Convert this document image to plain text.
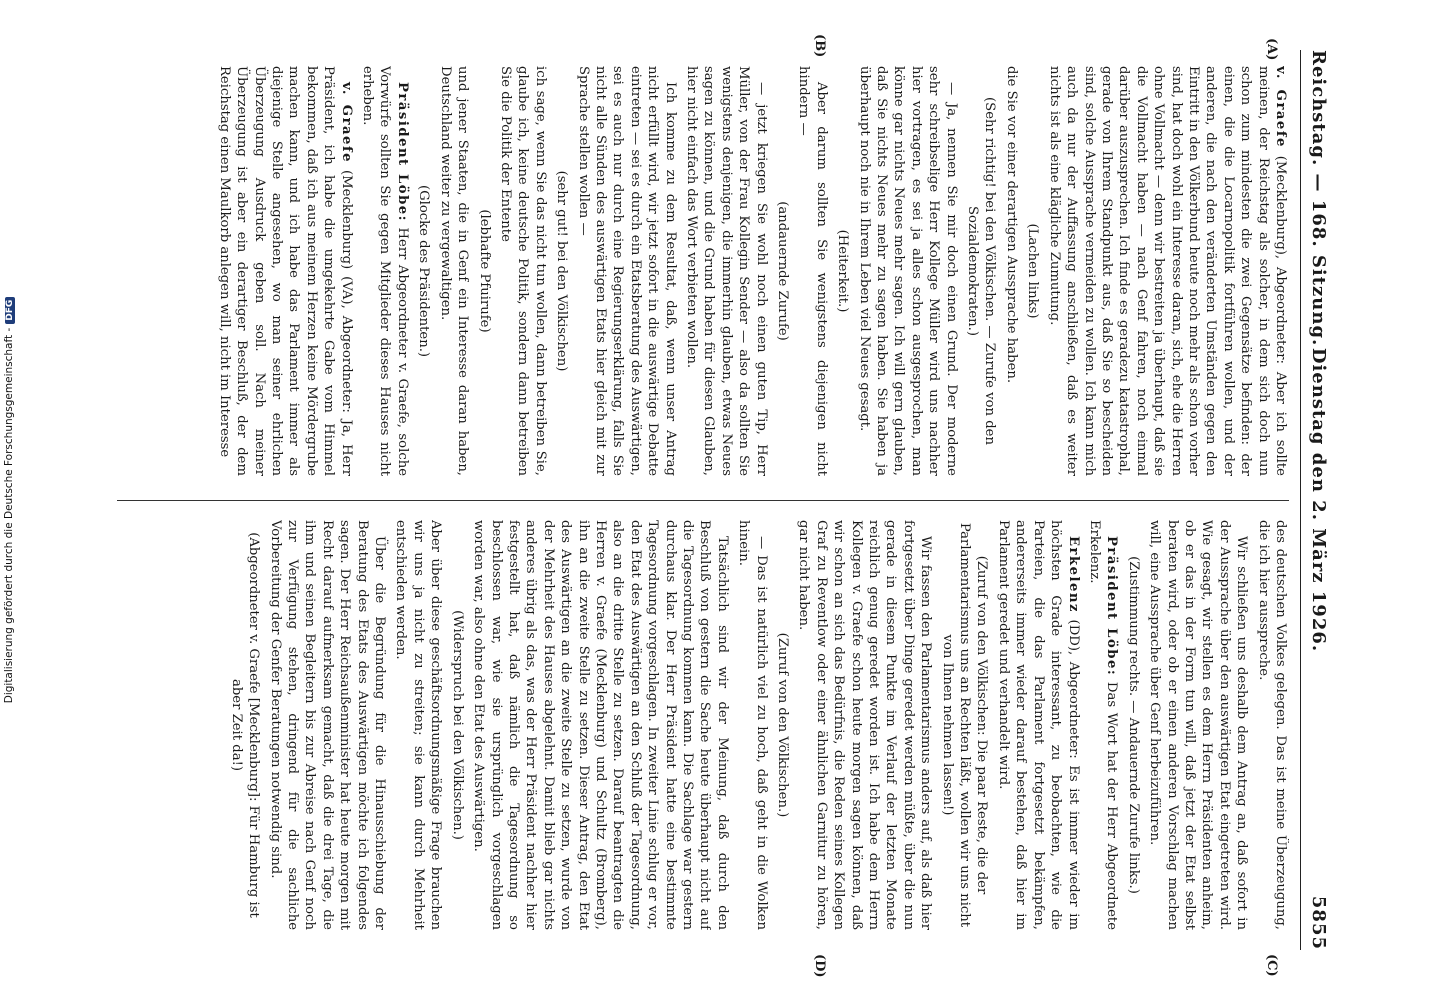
Reichstag. — 168. Sitzung.
Dienstag den 2. März 1926.
5855
(A)
(B)
(C)
(D)

v. Graefe (Mecklenburg), Abgeordneter: Aber ich sollte meinen, der Reichstag als solcher, in dem sich doch nun schon zum mindesten die zwei Gegensätze befinden: der einen, die die Locarnopolitik fortführen wollen, und der anderen, die nach den veränderten Umständen gegen den Eintritt in den Völkerbund heute noch mehr als schon vorher sind, hat doch wohl ein Interesse daran, sich, ehe die Herren ohne Vollmacht — denn wir bestreiten ja überhaupt, daß sie die Vollmacht haben — nach Genf fahren, noch einmal darüber auszusprechen. Ich finde es geradezu katastrophal, gerade von Ihrem Standpunkt aus, daß Sie so bescheiden sind, solche Aussprache vermeiden zu wollen. Ich kann mich auch da nur der Auffassung anschließen, daß es weiter nichts ist als eine klägliche Zumutung.

(Lachen links)

die Sie vor einer derartigen Aussprache haben.

(Sehr richtig! bei den Völkischen. — Zurufe von den Sozialdemokraten.)

— Ja, nennen Sie mir doch einen Grund. Der moderne sehr schreibselige Herr Kollege Müller wird uns nachher hier vortragen, es sei ja alles schon ausgesprochen, man könne gar nichts Neues mehr sagen. Ich will gern glauben, daß Sie nichts Neues mehr zu sagen haben. Sie haben ja überhaupt noch nie in Ihrem Leben viel Neues gesagt.

(Heiterkeit.)

Aber darum sollten Sie wenigstens diejenigen nicht hindern —

(andauernde Zurufe)

— jetzt kriegen Sie wohl noch einen guten Tip, Herr Müller, von der Frau Kollegin Sender — also da sollten Sie wenigstens denjenigen, die immerhin glauben, etwas Neues sagen zu können, und die Grund haben für diesen Glauben, hier nicht einfach das Wort verbieten wollen.

Ich komme zu dem Resultat, daß, wenn unser Antrag nicht erfüllt wird, wir jetzt sofort in die auswärtige Debatte eintreten — sei es durch ein Etatsberatung des Auswärtigen, sei es auch nur durch eine Regierungserklärung, falls Sie nicht alle Sünden des auswärtigen Etats hier gleich mit zur Sprache stellen wollen —

(sehr gut! bei den Völkischen)

ich sage, wenn Sie das nicht tun wollen, dann betreiben Sie, glaube ich, keine deutsche Politik, sondern dann betreiben Sie die Politik der Entente

(lebhafte Pfuirufe)

und jener Staaten, die in Genf ein Interesse daran haben, Deutschland weiter zu vergewaltigen.

(Glocke des Präsidenten.)

Präsident Löbe: Herr Abgeordneter v. Graefe, solche Vorwürfe sollten Sie gegen Mitglieder dieses Hauses nicht erheben.

v. Graefe (Mecklenburg) (VA), Abgeordneter: Ja, Herr Präsident, ich habe die umgekehrte Gabe vom Himmel bekommen, daß ich aus meinem Herzen keine Mördergrube machen kann, und ich habe das Parlament immer als diejenige Stelle angesehen, wo man seiner ehrlichen Überzeugung Ausdruck geben soll. Nach meiner Überzeugung ist aber ein derartiger Beschluß, der dem Reichstag einen Maulkorb anlegen will, nicht im Interesse

des deutschen Volkes gelegen. Das ist meine Überzeugung, die ich hier ausspreche.

Wir schließen uns deshalb dem Antrag an, daß sofort in der Aussprache über den auswärtigen Etat eingetreten wird. Wie gesagt, wir stellen es dem Herrn Präsidenten anheim, ob er das in der Form tun will, daß jetzt der Etat selbst beraten wird, oder ob er einen anderen Vorschlag machen will, eine Aussprache über Genf herbeizuführen.

(Zustimmung rechts. — Andauernde Zurufe links.)

Präsident Löbe: Das Wort hat der Herr Abgeordnete Erkelenz.

Erkelenz (DD), Abgeordneter: Es ist immer wieder im höchsten Grade interessant, zu beobachten, wie die Parteien, die das Parlament fortgesetzt bekämpfen, andererseits immer wieder darauf bestehen, daß hier im Parlament geredet und verhandelt wird.

(Zuruf von den Völkischen: Die paar Reste, die der Parlamentarismus uns an Rechten läßt, wollen wir uns nicht von Ihnen nehmen lassen!)

Wir fassen den Parlamentarismus anders auf, als daß hier fortgesetzt über Dinge geredet werden müßte, über die nun gerade in diesem Punkte im Verlauf der letzten Monate reichlich genug geredet worden ist. Ich habe dem Herrn Kollegen v. Graefe schon heute morgen sagen können, daß wir schon an sich das Bedürfnis, die Reden seines Kollegen Graf zu Reventlow oder einer ähnlichen Garnitur zu hören, gar nicht haben.

(Zuruf von den Völkischen.)

— Das ist natürlich viel zu hoch, daß geht in die Wolken hinein.

Tatsächlich sind wir der Meinung, daß durch den Beschluß von gestern die Sache heute überhaupt nicht auf die Tagesordnung kommen kann. Die Sachlage war gestern durchaus klar. Der Herr Präsident hatte eine bestimmte Tagesordnung vorgeschlagen. In zweiter Linie schlug er vor, den Etat des Auswärtigen an den Schluß der Tagesordnung, also an die dritte Stelle zu setzen. Darauf beantragten die Herren v. Graefe (Mecklenburg) und Schultz (Bromberg), ihn an die zweite Stelle zu setzen. Dieser Antrag, den Etat des Auswärtigen an die zweite Stelle zu setzen, wurde von der Mehrheit des Hauses abgelehnt. Damit blieb gar nichts anderes übrig als das, was der Herr Präsident nachher hier festgestellt hat, daß nämlich die Tagesordnung so beschlossen war, wie sie ursprünglich vorgeschlagen worden war, also ohne den Etat des Auswärtigen.

(Widerspruch bei den Völkischen.)

Aber über diese geschäftsordnungsmäßige Frage brauchen wir uns ja nicht zu streiten; sie kann durch Mehrheit entschieden werden.

Über die Begründung für die Hinausschiebung der Beratung des Etats des Auswärtigen möchte ich folgendes sagen. Der Herr Reichsaußenminister hat heute morgen mit Recht darauf aufmerksam gemacht, daß die drei Tage, die ihm und seinen Begleitern bis zur Abreise nach Genf noch zur Verfügung stehen, dringend für die sachliche Vorbereitung der Genfer Beratungen notwendig sind.

(Abgeordneter v. Graefe [Mecklenburg]: Für Hamburg ist aber Zeit da!)

Digitalisierung gefördert durch die Deutsche Forschungsgemeinschaft -DFG
